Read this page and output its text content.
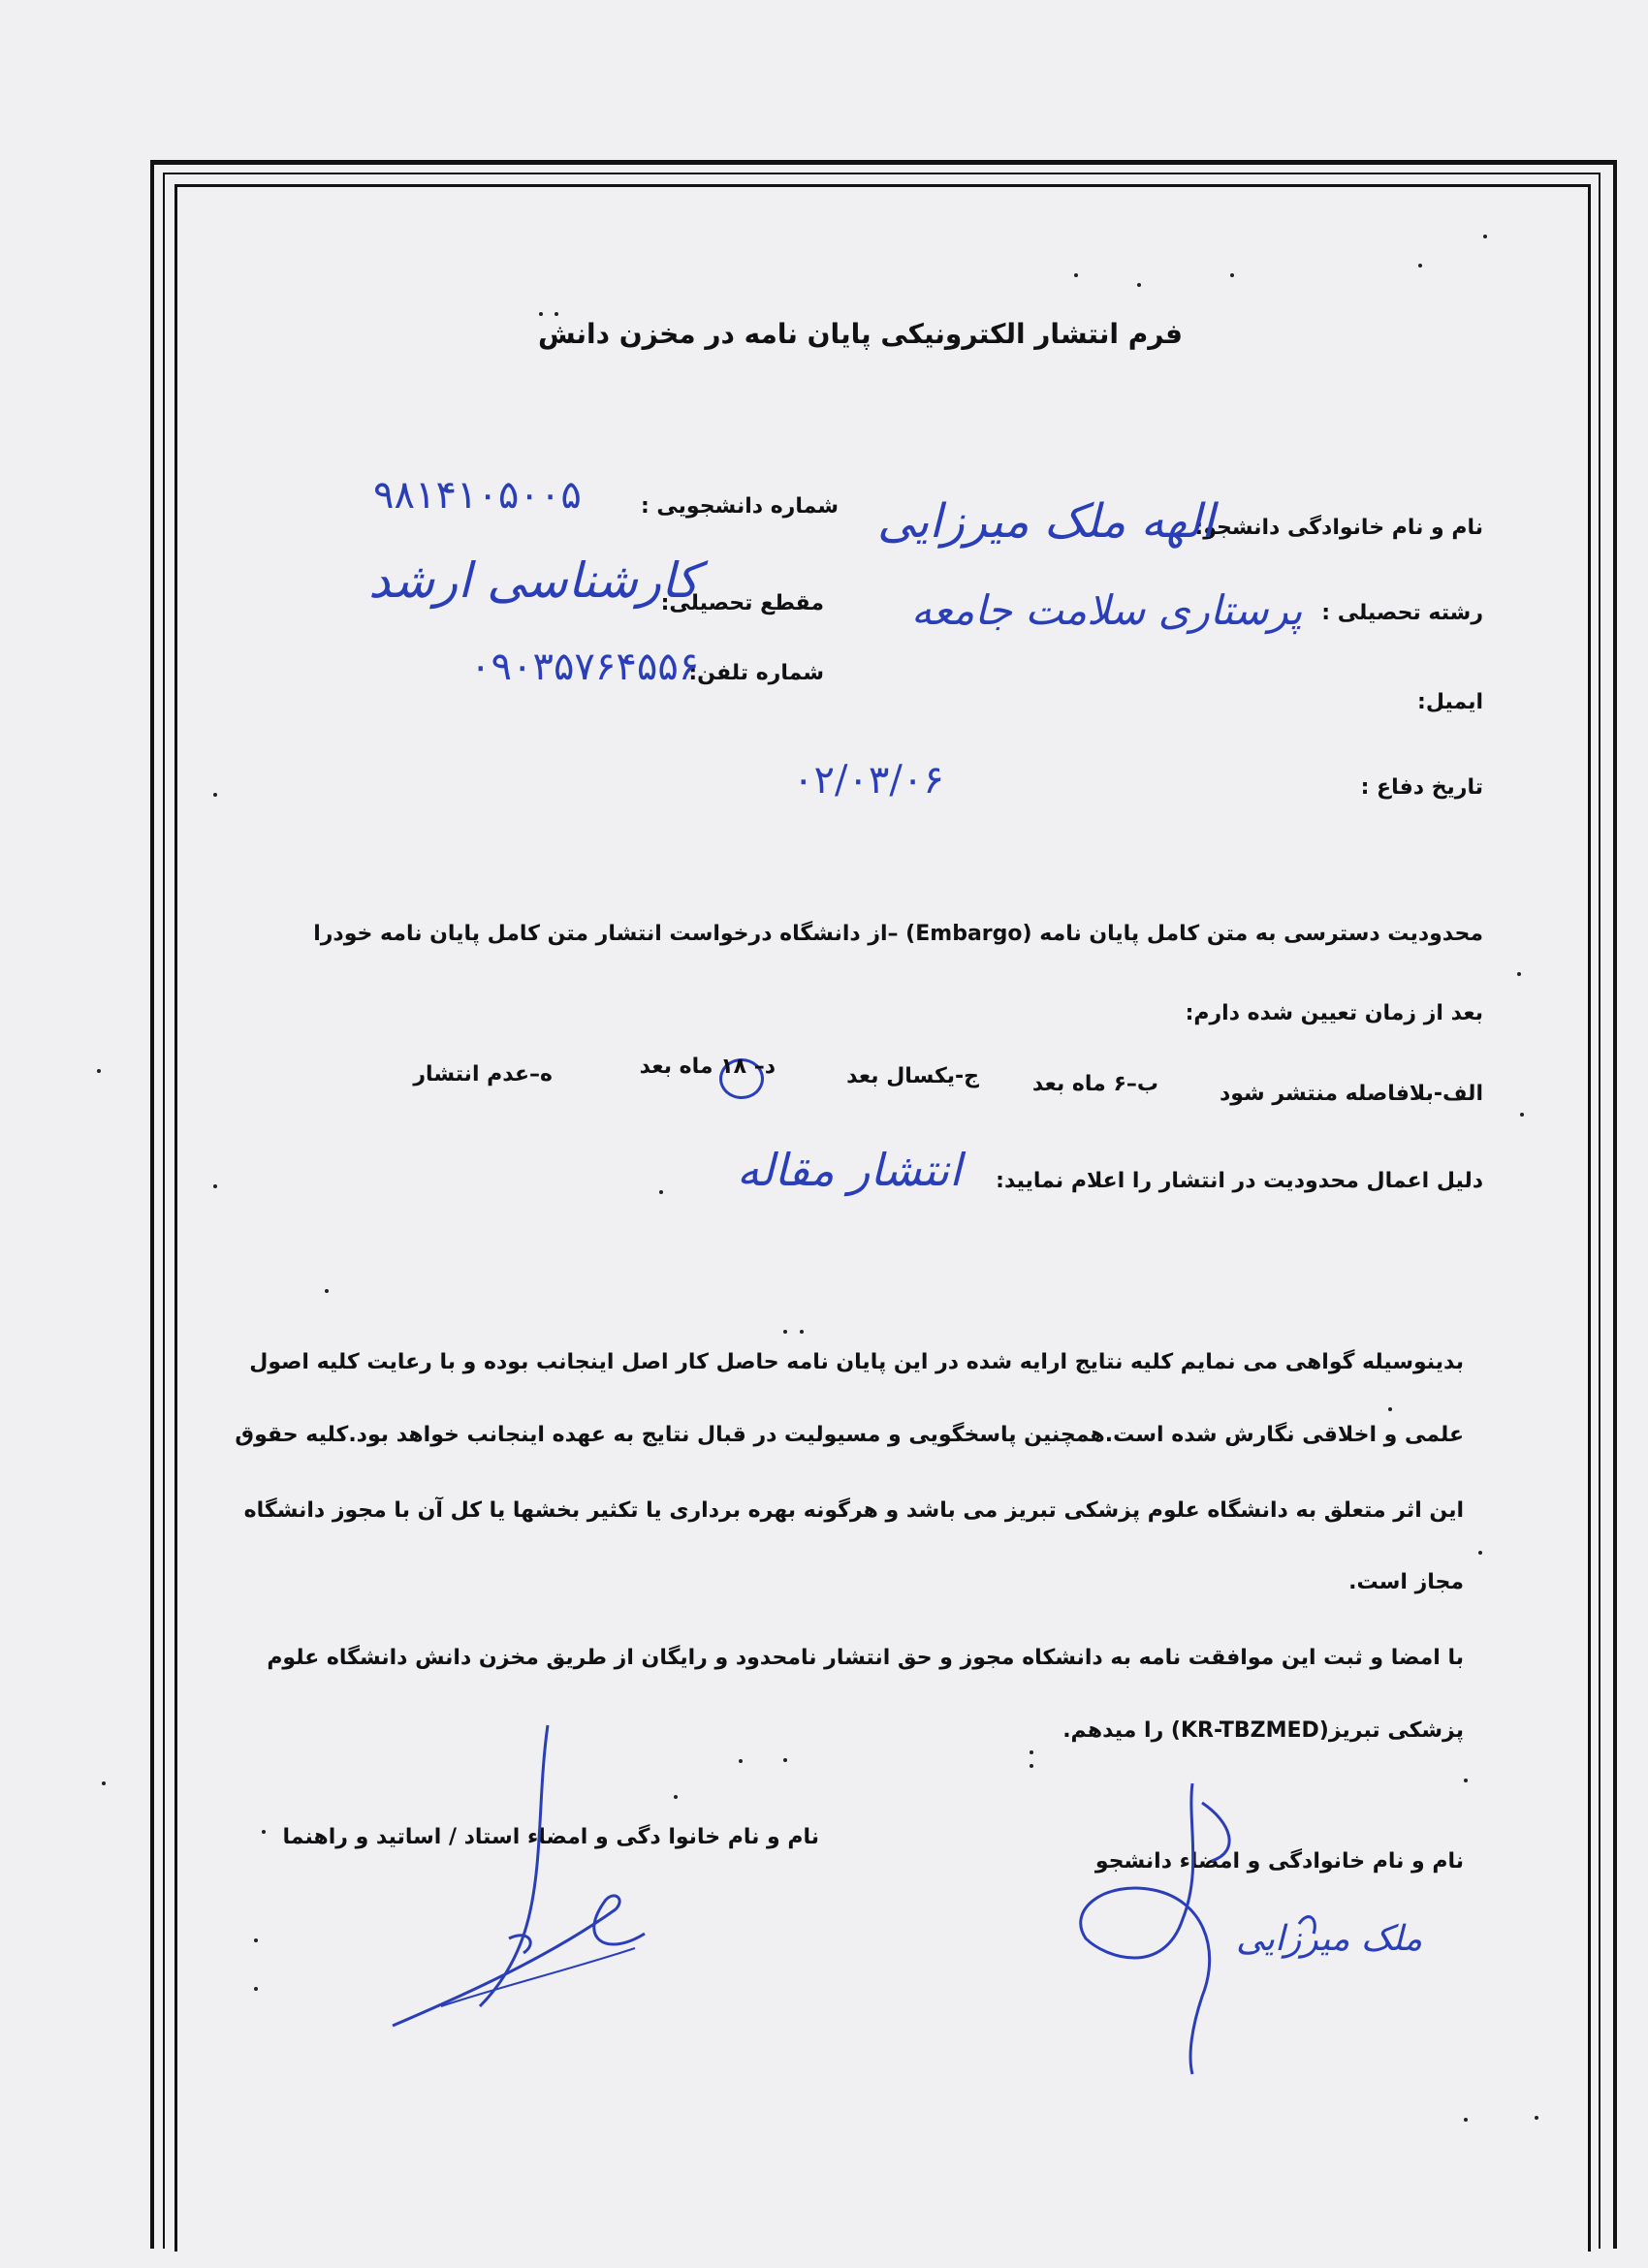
فرم انتشار الکترونیکی پایان نامه در مخزن دانش
نام و نام خانوادگی دانشجو:
الهه ملک میرزایی
شماره دانشجویی :
۹۸۱۴۱۰۵۰۰۵
رشته تحصیلی :
پرستاری سلامت جامعه
مقطع تحصیلی:
کارشناسی ارشد
شماره تلفن:
۰۹۰۳۵۷۶۴۵۵۶
ایمیل:
تاریخ دفاع :
۰۲/۰۳/۰۶
محدودیت دسترسی به متن کامل پایان نامه (Embargo) –از دانشگاه درخواست انتشار متن کامل پایان نامه خودرا
بعد از زمان تعیین شده دارم:
الف-بلافاصله منتشر شود
ب–۶ ماه بعد
ج-یکسال بعد
د– ۱۸ ماه بعد
ه–عدم انتشار
دلیل اعمال محدودیت در انتشار را اعلام نمایید:
انتشار مقاله
بدینوسیله گواهی می نمایم کلیه نتایج ارایه شده در این پایان نامه حاصل کار اصل اینجانب بوده و با رعایت کلیه اصول
علمی و اخلاقی نگارش شده است.همچنین پاسخگویی و مسیولیت در قبال نتایج به عهده اینجانب خواهد بود.کلیه حقوق
این اثر متعلق به دانشگاه علوم پزشکی تبریز می باشد و هرگونه بهره برداری یا تکثیر بخشها یا کل آن با مجوز دانشگاه
مجاز است.
با امضا و ثبت این موافقت نامه به دانشکاه مجوز و حق انتشار نامحدود و رایگان از طریق مخزن دانش دانشگاه علوم
پزشکی تبریز(KR-TBZMED) را میدهم.
نام و نام خانوادگی و امضاء دانشجو
نام و نام خانوا دگی و امضاء استاد / اساتید و راهنما
ملک میرزایی
